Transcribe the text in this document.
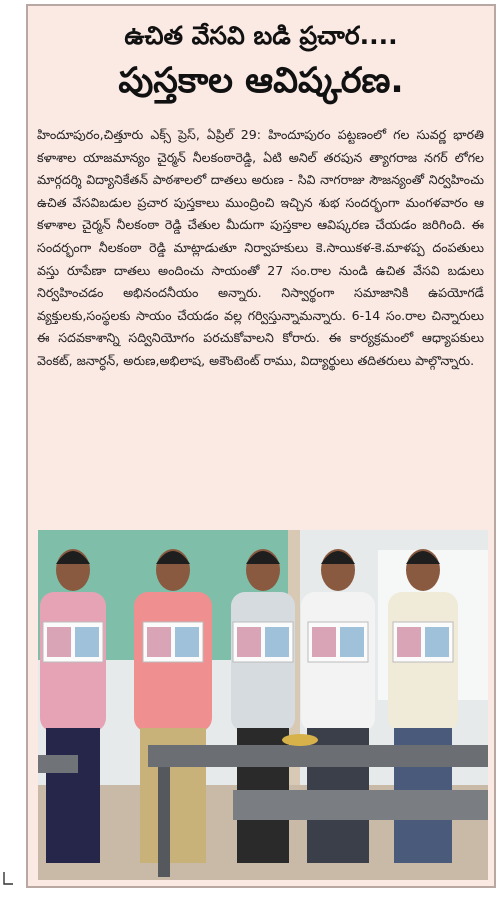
ఉచిత వేసవి బడి ప్రచార....
పుస్తకాల ఆవిష్కరణ.

హిందూపురం,చిత్తూరు ఎక్స్ ప్రెస్, ఏప్రిల్ 29: హిందూపురం పట్టణంలో గల సువర్ణ భారతి కళాశాల యాజమాన్యం చైర్మన్ నీలకంఠారెడ్డి, ఏటి అనిల్ తరపున త్యాగరాజ నగర్ లోగల మార్గదర్శి విద్యానికేతన్ పాఠశాలలో దాతలు అరుణ - సివి నాగరాజు సౌజన్యంతో నిర్వహించు ఉచిత వేసవిబడుల ప్రచార పుస్తకాలు ముంద్రించి ఇచ్చిన శుభ సందర్భంగా మంగళవారం ఆ కళాశాల చైర్మన్ నీలకంఠా రెడ్డి చేతుల మీదుగా పుస్తకాల ఆవిష్కరణ చేయడం జరిగింది. ఈ సందర్భంగా నీలకంఠా రెడ్డి మాట్లాడుతూ నిర్వాహకులు కె.సాయికళ-కె.మాళప్ప దంపతులు వస్తు రూపేణా దాతలు అందించు సాయంతో 27 సం.రాల నుండి ఉచిత వేసవి బడులు నిర్వహించడం అభినందనీయం అన్నారు. నిస్వార్థంగా సమాజానికి ఉపయోగడే వ్యక్తులకు,సంస్థలకు సాయం చేయడం వల్ల గర్విస్తున్నామన్నారు. 6-14 సం.రాల చిన్నారులు ఈ సదవకాశాన్ని సద్వినియోగం పరచుకోవాలని కోరారు. ఈ కార్యక్రమంలో ఆధ్యాపకులు వెంకట్, జనార్ధన్, అరుణ,అభిలాష, అకౌంటెంట్ రాము, విద్యార్థులు తదితరులు పాల్గొన్నారు.
